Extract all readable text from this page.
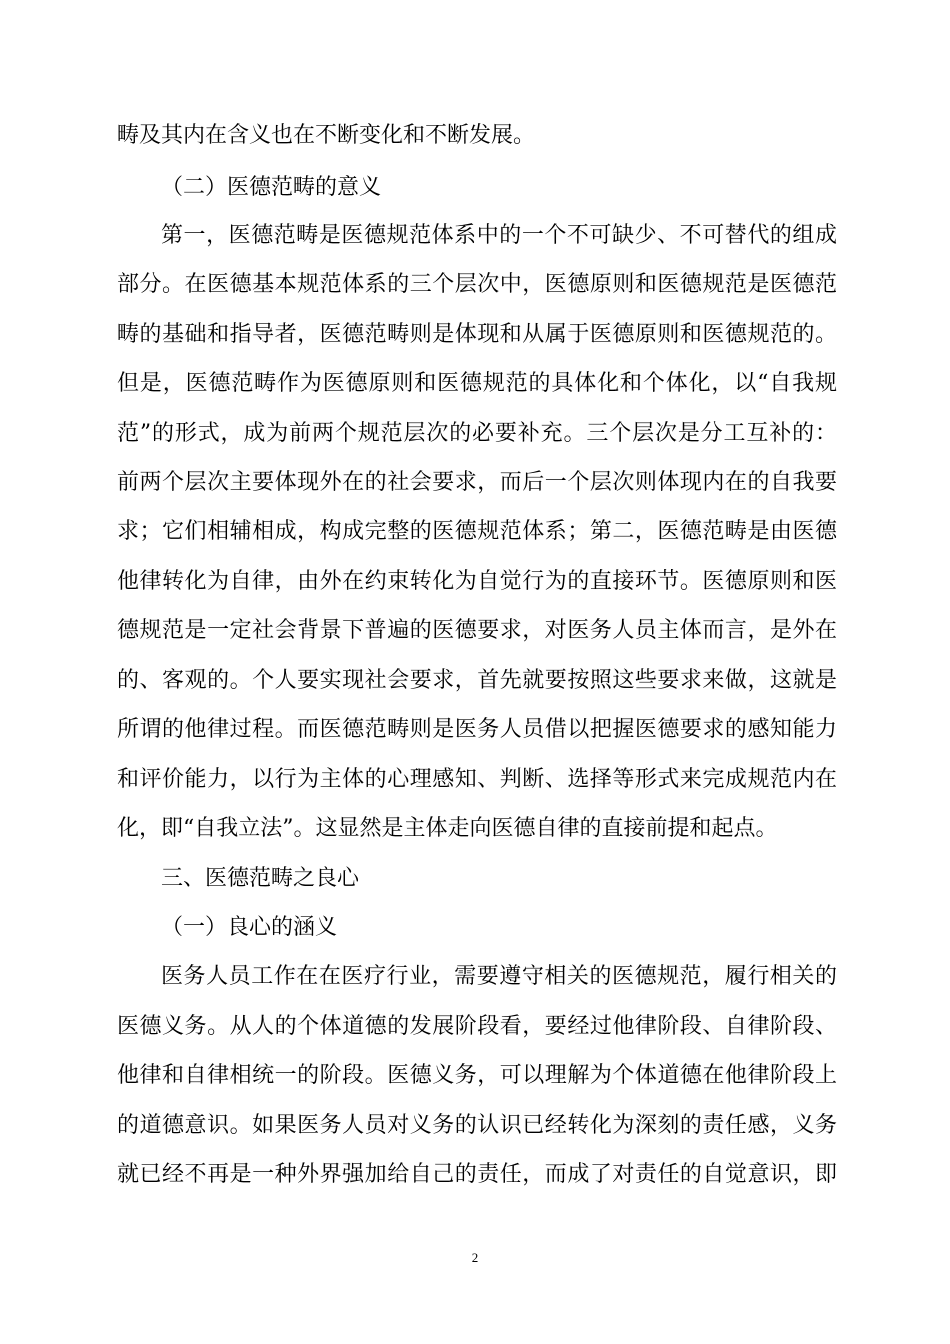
畴及其内在含义也在不断变化和不断发展。
（二）医德范畴的意义
第一，医德范畴是医德规范体系中的一个不可缺少、不可替代的组成
部分。在医德基本规范体系的三个层次中，医德原则和医德规范是医德范
畴的基础和指导者，医德范畴则是体现和从属于医德原则和医德规范的。
但是，医德范畴作为医德原则和医德规范的具体化和个体化，以“自我规
范”的形式，成为前两个规范层次的必要补充。三个层次是分工互补的：
前两个层次主要体现外在的社会要求，而后一个层次则体现内在的自我要
求；它们相辅相成，构成完整的医德规范体系；第二，医德范畴是由医德
他律转化为自律，由外在约束转化为自觉行为的直接环节。医德原则和医
德规范是一定社会背景下普遍的医德要求，对医务人员主体而言，是外在
的、客观的。个人要实现社会要求，首先就要按照这些要求来做，这就是
所谓的他律过程。而医德范畴则是医务人员借以把握医德要求的感知能力
和评价能力，以行为主体的心理感知、判断、选择等形式来完成规范内在
化，即“自我立法”。这显然是主体走向医德自律的直接前提和起点。
三、医德范畴之良心
（一）良心的涵义
医务人员工作在在医疗行业，需要遵守相关的医德规范，履行相关的
医德义务。从人的个体道德的发展阶段看，要经过他律阶段、自律阶段、
他律和自律相统一的阶段。医德义务，可以理解为个体道德在他律阶段上
的道德意识。如果医务人员对义务的认识已经转化为深刻的责任感，义务
就已经不再是一种外界强加给自己的责任，而成了对责任的自觉意识，即
2
